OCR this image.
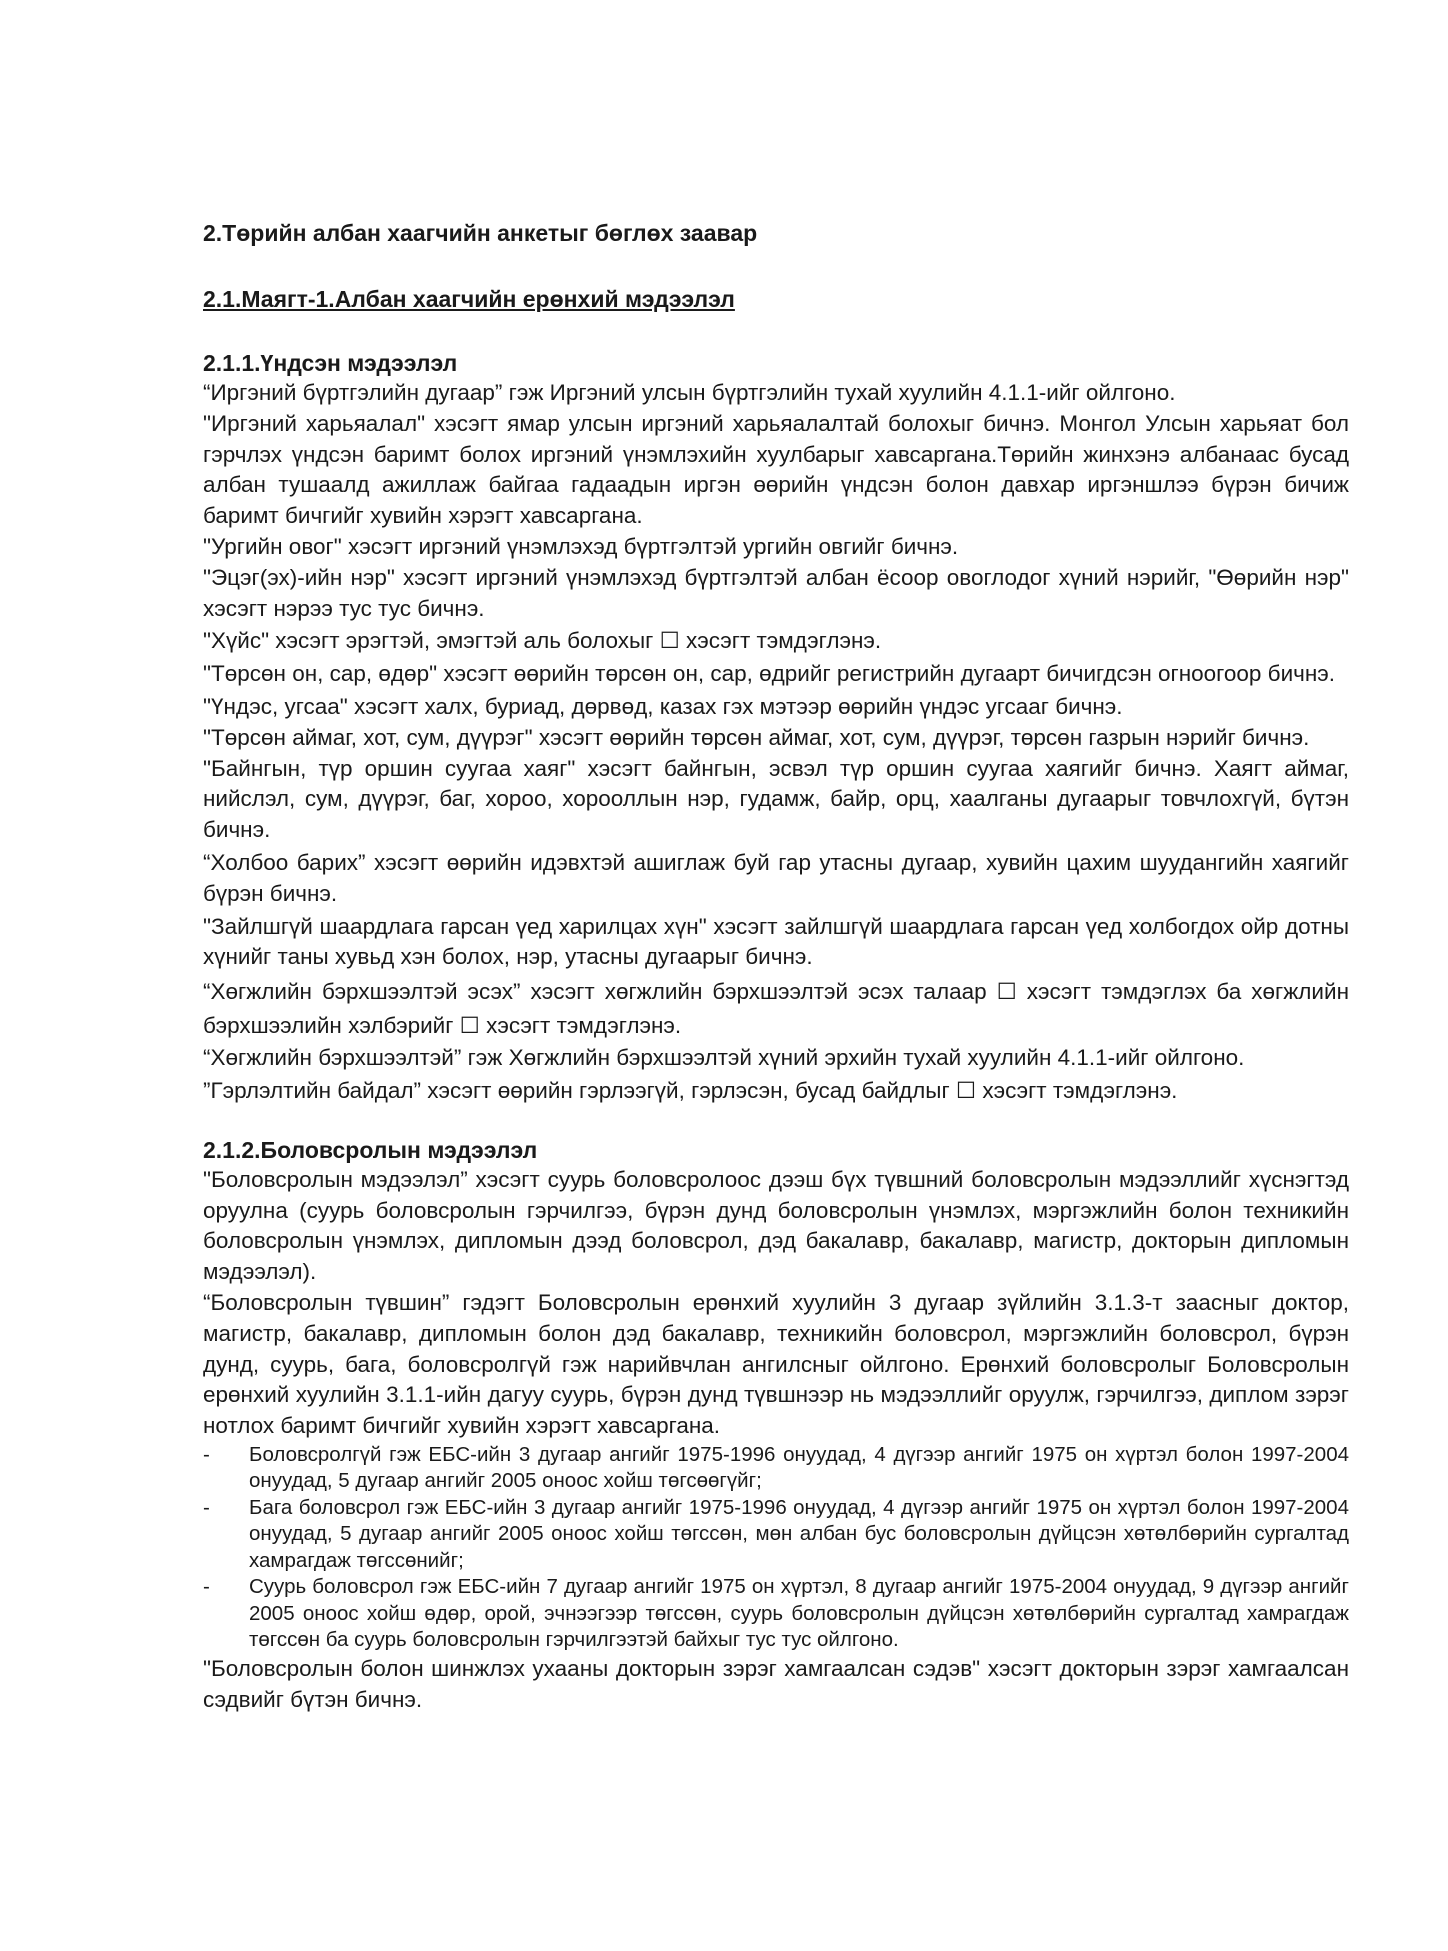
2.Төрийн албан хаагчийн анкетыг бөглөх заавар
2.1.Маягт-1.Албан хаагчийн ерөнхий мэдээлэл
2.1.1.Үндсэн мэдээлэл

“Иргэний бүртгэлийн дугаар” гэж Иргэний улсын бүртгэлийн тухай хуулийн 4.1.1-ийг ойлгоно.

"Иргэний харьяалал" хэсэгт ямар улсын иргэний харьяалалтай болохыг бичнэ. Монгол Улсын харьяат бол гэрчлэх үндсэн баримт болох иргэний үнэмлэхийн хуулбарыг хавсаргана.Төрийн жинхэнэ албанаас бусад албан тушаалд ажиллаж байгаа гадаадын иргэн өөрийн үндсэн болон давхар иргэншлээ бүрэн бичиж баримт бичгийг хувийн хэрэгт хавсаргана.

"Ургийн овог" хэсэгт иргэний үнэмлэхэд бүртгэлтэй ургийн овгийг бичнэ.

"Эцэг(эх)-ийн нэр" хэсэгт иргэний үнэмлэхэд бүртгэлтэй албан ёсоор овоглодог хүний нэрийг, "Өөрийн нэр" хэсэгт нэрээ тус тус бичнэ.

"Хүйс" хэсэгт эрэгтэй, эмэгтэй аль болохыг ☐ хэсэгт тэмдэглэнэ.

"Төрсөн он, сар, өдөр" хэсэгт өөрийн төрсөн он, сар, өдрийг регистрийн дугаарт бичигдсэн огноогоор бичнэ.

"Үндэс, угсаа" хэсэгт халх, буриад, дөрвөд, казах гэх мэтээр өөрийн үндэс угсааг бичнэ.

"Төрсөн аймаг, хот, сум, дүүрэг" хэсэгт өөрийн төрсөн аймаг, хот, сум, дүүрэг, төрсөн газрын нэрийг бичнэ.

"Байнгын, түр оршин суугаа хаяг" хэсэгт байнгын, эсвэл түр оршин суугаа хаягийг бичнэ. Хаягт аймаг, нийслэл, сум, дүүрэг, баг, хороо, хорооллын нэр, гудамж, байр, орц, хаалганы дугаарыг товчлохгүй, бүтэн бичнэ.

“Холбоо барих” хэсэгт өөрийн идэвхтэй ашиглаж буй гар утасны дугаар, хувийн цахим шуудангийн хаягийг бүрэн бичнэ.

"Зайлшгүй шаардлага гарсан үед харилцах хүн" хэсэгт зайлшгүй шаардлага гарсан үед холбогдох ойр дотны хүнийг таны хувьд хэн болох, нэр, утасны дугаарыг бичнэ.

“Хөгжлийн бэрхшээлтэй эсэх” хэсэгт хөгжлийн бэрхшээлтэй эсэх талаар ☐ хэсэгт тэмдэглэх ба хөгжлийн бэрхшээлийн хэлбэрийг ☐ хэсэгт тэмдэглэнэ.

“Хөгжлийн бэрхшээлтэй” гэж Хөгжлийн бэрхшээлтэй хүний эрхийн тухай хуулийн 4.1.1-ийг ойлгоно.

”Гэрлэлтийн байдал” хэсэгт өөрийн гэрлээгүй, гэрлэсэн, бусад байдлыг ☐ хэсэгт тэмдэглэнэ.

2.1.2.Боловсролын мэдээлэл

"Боловсролын мэдээлэл” хэсэгт суурь боловсролоос дээш бүх түвшний боловсролын мэдээллийг хүснэгтэд оруулна (суурь боловсролын гэрчилгээ, бүрэн дунд боловсролын үнэмлэх, мэргэжлийн болон техникийн боловсролын үнэмлэх, дипломын дээд боловсрол, дэд бакалавр, бакалавр, магистр, докторын дипломын мэдээлэл).

“Боловсролын түвшин” гэдэгт Боловсролын ерөнхий хуулийн 3 дугаар зүйлийн 3.1.3-т заасныг доктор, магистр, бакалавр, дипломын болон дэд бакалавр, техникийн боловсрол, мэргэжлийн боловсрол, бүрэн дунд, суурь, бага, боловсролгүй гэж нарийвчлан ангилсныг ойлгоно. Ерөнхий боловсролыг Боловсролын ерөнхий хуулийн 3.1.1-ийн дагуу суурь, бүрэн дунд түвшнээр нь мэдээллийг оруулж, гэрчилгээ, диплом зэрэг нотлох баримт бичгийг хувийн хэрэгт хавсаргана.

- Боловсролгүй гэж ЕБС-ийн 3 дугаар ангийг 1975-1996 онуудад, 4 дүгээр ангийг 1975 он хүртэл болон 1997-2004 онуудад, 5 дугаар ангийг 2005 оноос хойш төгсөөгүйг;
- Бага боловсрол гэж ЕБС-ийн 3 дугаар ангийг 1975-1996 онуудад, 4 дүгээр ангийг 1975 он хүртэл болон 1997-2004 онуудад, 5 дугаар ангийг 2005 оноос хойш төгссөн, мөн албан бус боловсролын дүйцсэн хөтөлбөрийн сургалтад хамрагдаж төгссөнийг;
- Суурь боловсрол гэж ЕБС-ийн 7 дугаар ангийг 1975 он хүртэл, 8 дугаар ангийг 1975-2004 онуудад, 9 дүгээр ангийг 2005 оноос хойш өдөр, орой, эчнээгээр төгссөн, суурь боловсролын дүйцсэн хөтөлбөрийн сургалтад хамрагдаж төгссөн ба суурь боловсролын гэрчилгээтэй байхыг тус тус ойлгоно.

"Боловсролын болон шинжлэх ухааны докторын зэрэг хамгаалсан сэдэв" хэсэгт докторын зэрэг хамгаалсан сэдвийг бүтэн бичнэ.
